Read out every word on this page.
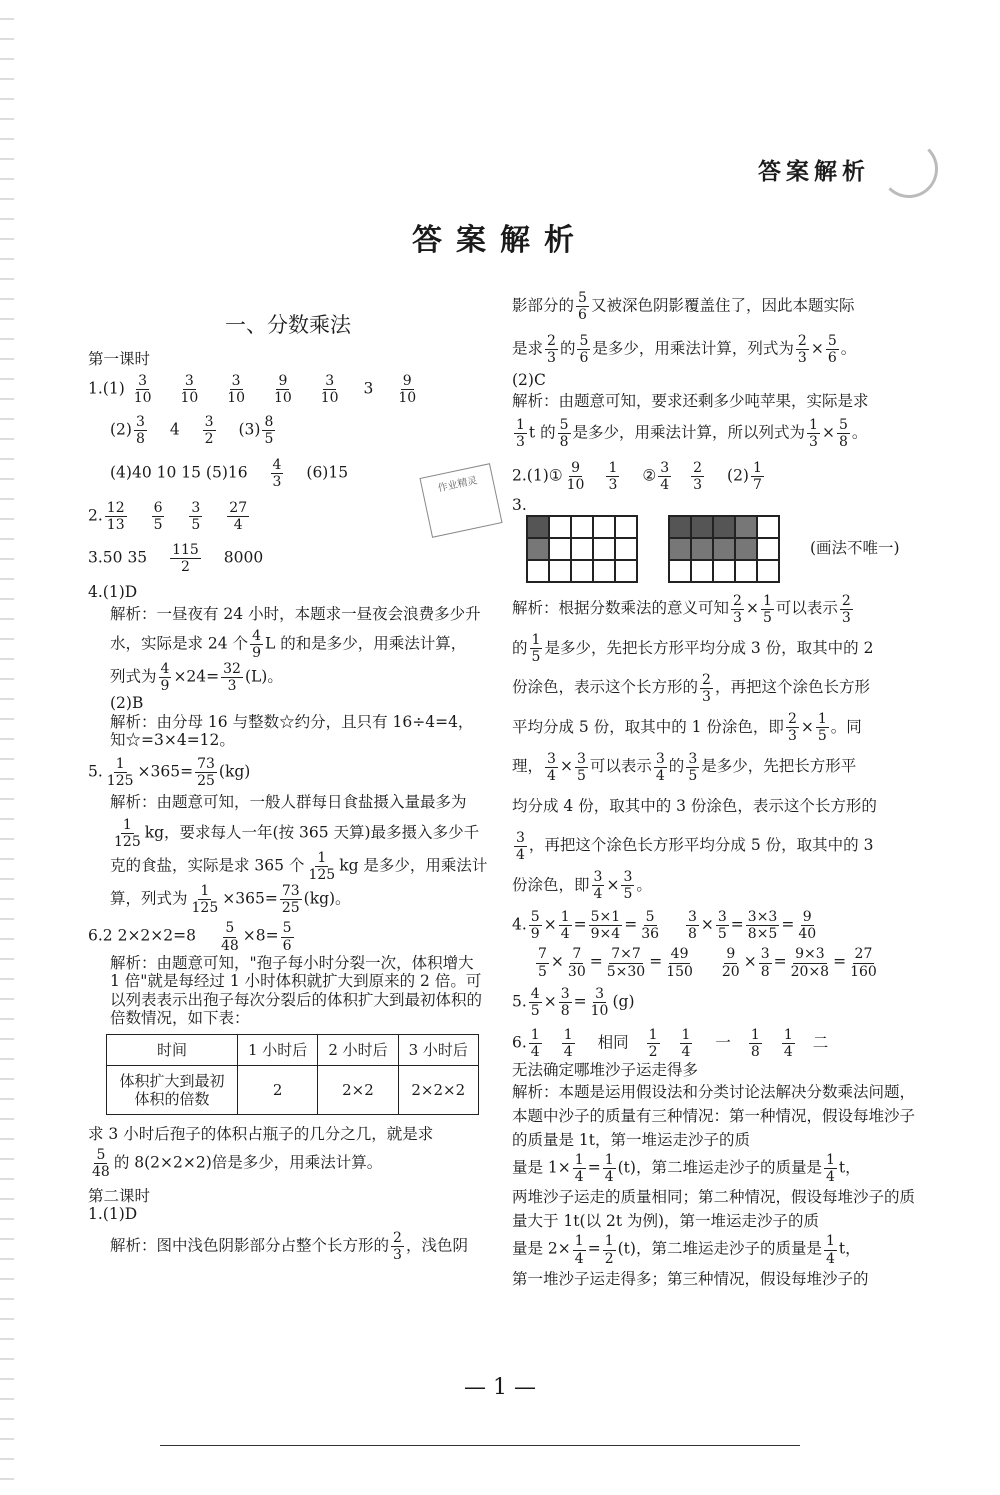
答案解析
答案解析
作业精灵
一、分数乘法
第一课时
$1.(1) \frac{3}{10}$
$\frac{3}{10}$
$\frac{3}{10}$
$\frac{9}{10}$
$\frac{3}{10} 3 \frac{9}{10}$
$(2) \frac{3}{8} 4 \frac{3}{2} (3) \frac{8}{5}$
(4)40 10 15 $(5)16 \frac{4}{3} (6)15$
2. $\frac{12}{13}$
$\frac{6}{5}$
$\frac{3}{5}$
$\frac{27}{4}$
3.50 $35 \frac{115}{2} 8000$
4.(1)D
解析：一昼夜有 24 小时，本题求一昼夜会浪费多少升水，实际是求 24 个 $\frac{4}{9}$ L 的和是多少，用乘法计算，
列式为 $\frac{4}{9} \times 24= \frac{32}{3} (L)$。
(2)B
解析：由分母 16 与整数☆约分，且只有 16÷4=4，知☆=3×4=12。
5. $\frac{1}{125} \times 365= \frac{73}{25} (kg)$
解析：由题意可知，一般人群每日食盐摄入量最多为

$\frac{1}{125}$ kg，要求每人一年(按 365 天算)最多摄入多少千
克的食盐，实际是求 365 个 $\frac{1}{125}$ kg 是多少，用乘法计
算，列式为 $\frac{1}{125} \times 365= \frac{73}{25} (kg)$。
6.2 $2\times 2\times 2=8 \frac{5}{48} \times 8= \frac{5}{6}$
解析：由题意可知，"孢子每小时分裂一次，体积增大 1 倍"就是每经过 1 小时体积就扩大到原来的 2 倍。可以列表表示出孢子每次分裂后的体积扩大到最初体积的倍数情况，如下表：
时间	1 小时后	2 小时后	3 小时后
体积扩大到最初体积的倍数	2	2×2	2×2×2
求 3 小时后孢子的体积占瓶子的几分之几，就是求

$\frac{5}{48}$ 的 8(2×2×2)倍是多少，用乘法计算。
第二课时
1.(1)D
解析：图中浅色阴影部分占整个长方形的 $\frac{2}{3}$ ，浅色阴
影部分的 $\frac{5}{6}$ 又被深色阴影覆盖住了，因此本题实际
是求 $\frac{2}{3}$ 的 $\frac{5}{6}$ 是多少，用乘法计算，列式为 $\frac{2}{3} \times \frac{5}{6}$ 。
(2)C
解析：由题意可知，要求还剩多少吨苹果，实际是求
$\frac{1}{3}$ t 的 $\frac{5}{8}$ 是多少，用乘法计算，所以列式为 $\frac{1}{3} \times \frac{5}{8}$ 。
2.(1)① $\frac{9}{10} \frac{1}{3}$ ② $\frac{3}{4} \frac{2}{3} (2) \frac{1}{7}$
3.
(画法不唯一)
解析：根据分数乘法的意义可知 $\frac{2}{3} \times \frac{1}{5}$ 可以表示 $\frac{2}{3}$

的 $\frac{1}{5}$ 是多少，先把长方形平均分成 3 份，取其中的 2
份涂色，表示这个长方形的 $\frac{2}{3}$ ，再把这个涂色长方形
平均分成 5 份，取其中的 1 份涂色，即 $\frac{2}{3} \times \frac{1}{5}$ 。同
理， $\frac{3}{4} \times \frac{3}{5}$ 可以表示 $\frac{3}{4}$ 的 $\frac{3}{5}$ 是多少，先把长方形平
均分成 4 份，取其中的 3 份涂色，表示这个长方形的

$\frac{3}{4}$ ，再把这个涂色长方形平均分成 5 份，取其中的 3
份涂色，即 $\frac{3}{4} \times \frac{3}{5}$ 。
4. $\frac{5}{9} \times \frac{1}{4} = \frac{5\times 1}{9\times 4} = \frac{5}{36}$
$\frac{3}{8} \times \frac{3}{5} = \frac{3\times 3}{8\times 5} = \frac{9}{40}$
$\frac{7}{5} \times \frac{7}{30} = \frac{7\times 7}{5\times 30} = \frac{49}{150}$
$\frac{9}{20} \times \frac{3}{8} = \frac{9\times 3}{20\times 8} = \frac{27}{160}$
5. $\frac{4}{5} \times \frac{3}{8} = \frac{3}{10} (g)$
6. $\frac{1}{4} \frac{1}{4}$ 相同 $\frac{1}{2} \frac{1}{4}$ 一 $\frac{1}{8} \frac{1}{4}$ 二
无法确定哪堆沙子运走得多
解析：本题是运用假设法和分类讨论法解决分数乘法问题，本题中沙子的质量有三种情况：第一种情况，假设每堆沙子的质量是 1t，第一堆运走沙子的质
量是 $1\times \frac{1}{4} = \frac{1}{4} (t)$，第二堆运走沙子的质量是 $\frac{1}{4}$ t，
两堆沙子运走的质量相同；第二种情况，假设每堆沙子的质量大于 1t(以 2t 为例)，第一堆运走沙子的质
量是 $2\times \frac{1}{4} = \frac{1}{2} (t)$，第二堆运走沙子的质量是 $\frac{1}{4}$ t，
第一堆沙子运走得多；第三种情况，假设每堆沙子的
— 1 —
